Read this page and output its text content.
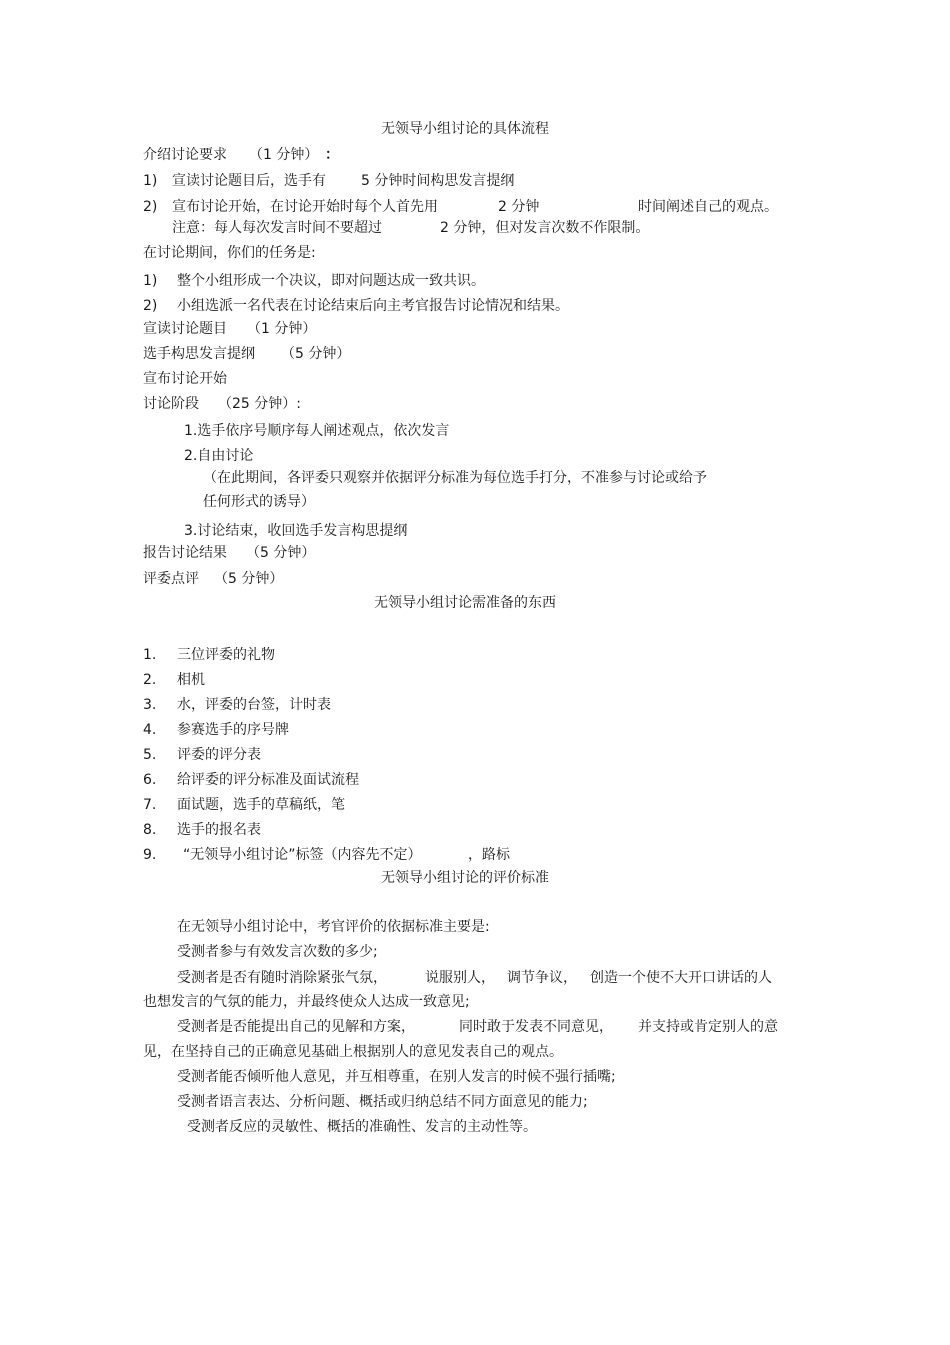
无领导小组讨论的具体流程
介绍讨论要求 （1 分钟） ：
1) 宣读讨论题目后，选手有	5 分钟时间构思发言提纲
2) 宣布讨论开始，在讨论开始时每个人首先用	2 分钟	时间阐述自己的观点。
注意：每人每次发言时间不要超过	2 分钟，但对发言次数不作限制。
在讨论期间，你们的任务是:
1) 整个小组形成一个决议，即对问题达成一致共识。
2) 小组选派一名代表在讨论结束后向主考官报告讨论情况和结果。
宣读讨论题目 （1 分钟）
选手构思发言提纲 （5 分钟）
宣布讨论开始
讨论阶段 （25 分钟）:
1.选手依序号顺序每人阐述观点，依次发言
2.自由讨论
（在此期间，各评委只观察并依据评分标准为每位选手打分，不准参与讨论或给予
任何形式的诱导）
3.讨论结束，收回选手发言构思提纲
报告讨论结果 （5 分钟）
评委点评 （5 分钟）
无领导小组讨论需准备的东西
1. 三位评委的礼物
2. 相机
3. 水，评委的台签，计时表
4. 参赛选手的序号牌
5. 评委的评分表
6. 给评委的评分标准及面试流程
7. 面试题，选手的草稿纸，笔
8. 选手的报名表
9. “无领导小组讨论”标签（内容先不定）	，路标
无领导小组讨论的评价标准
在无领导小组讨论中，考官评价的依据标准主要是:
受测者参与有效发言次数的多少;
受测者是否有随时消除紧张气氛，	说服别人， 调节争议， 创造一个使不大开口讲话的人
也想发言的气氛的能力，并最终使众人达成一致意见;
受测者是否能提出自己的见解和方案，	同时敢于发表不同意见， 并支持或肯定别人的意
见，在坚持自己的正确意见基础上根据别人的意见发表自己的观点。
受测者能否倾听他人意见，并互相尊重，在别人发言的时候不强行插嘴;
受测者语言表达、分析问题、概括或归纳总结不同方面意见的能力;
受测者反应的灵敏性、概括的准确性、发言的主动性等。
